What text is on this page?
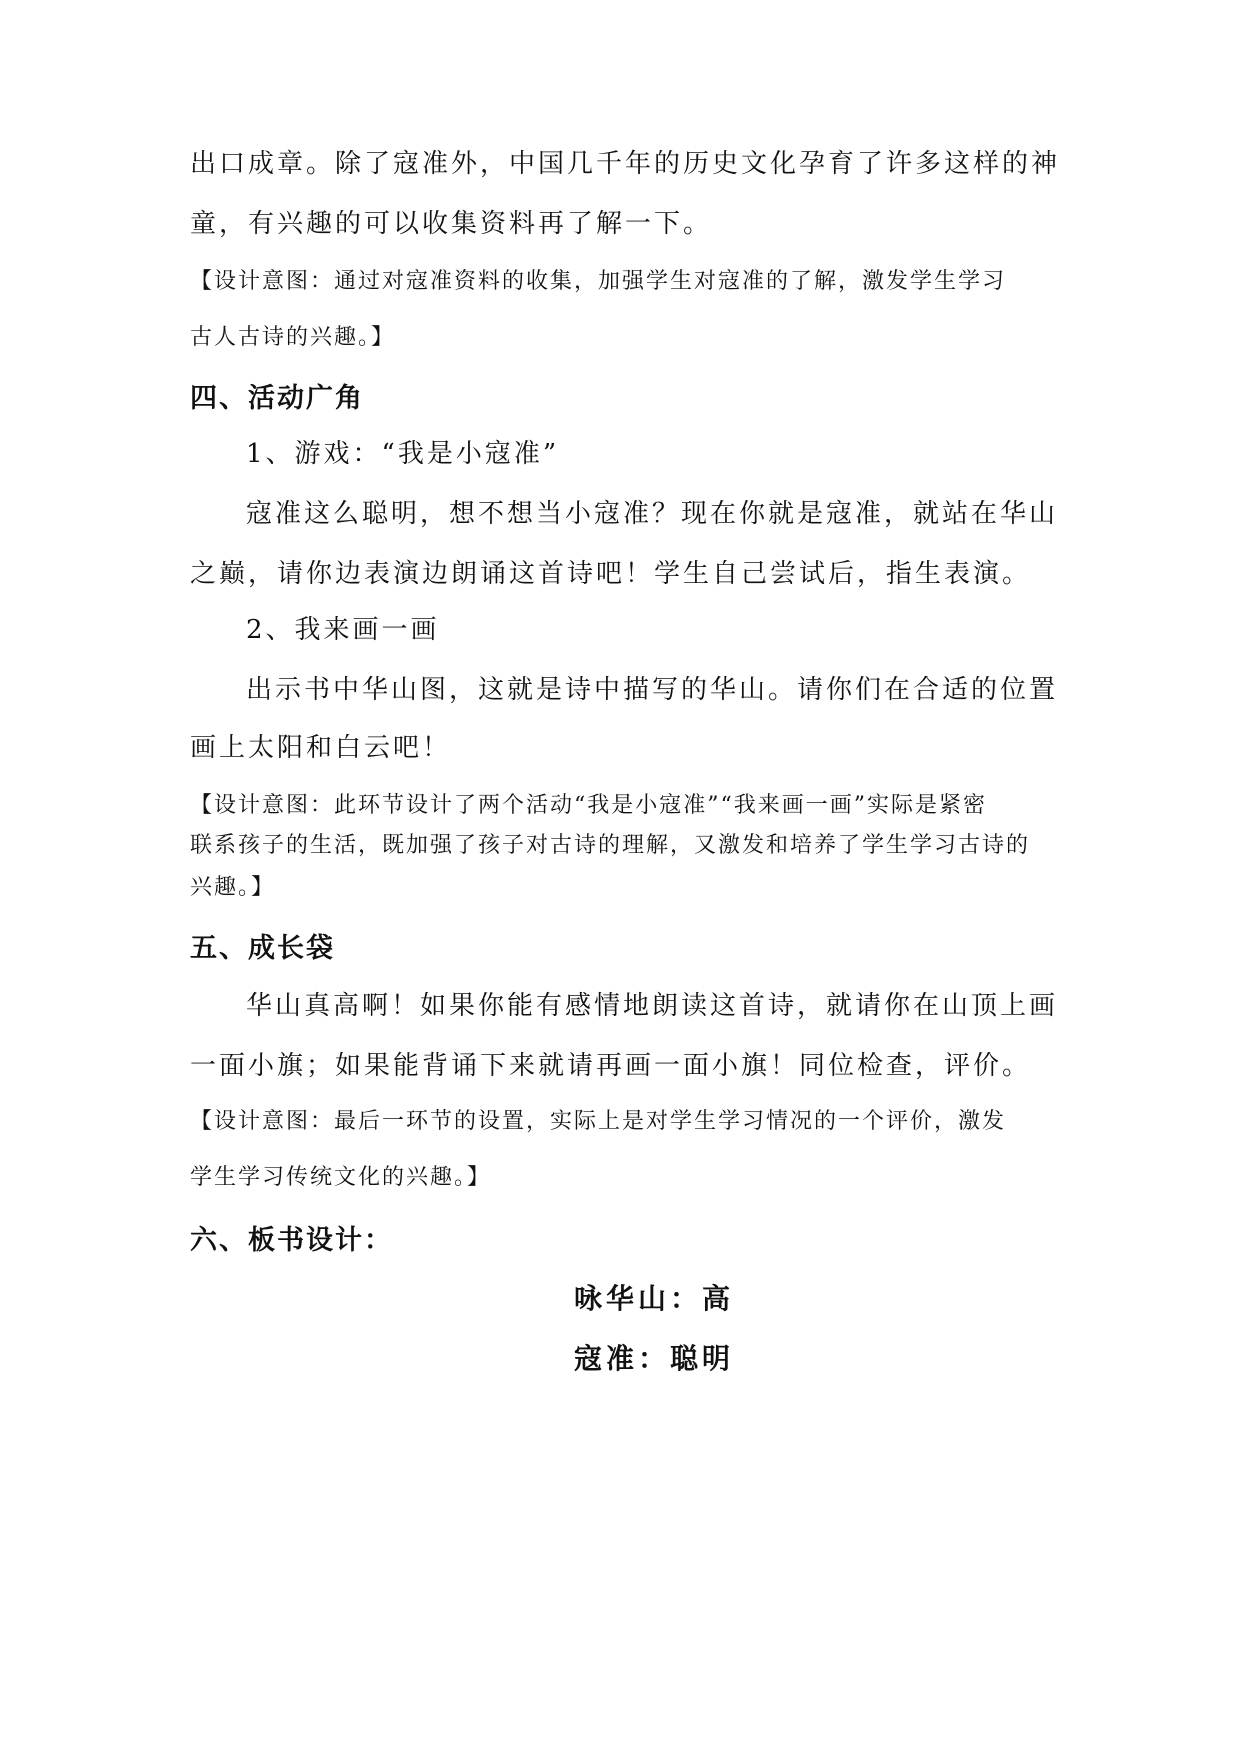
出口成章。除了寇准外，中国几千年的历史文化孕育了许多这样的神

童，有兴趣的可以收集资料再了解一下。

【设计意图：通过对寇准资料的收集，加强学生对寇准的了解，激发学生学习

古人古诗的兴趣。】

四、活动广角

1、游戏：“我是小寇准”

寇准这么聪明，想不想当小寇准？现在你就是寇准，就站在华山

之巅，请你边表演边朗诵这首诗吧！学生自己尝试后，指生表演。

2、我来画一画

出示书中华山图，这就是诗中描写的华山。请你们在合适的位置

画上太阳和白云吧！

【设计意图：此环节设计了两个活动“我是小寇准”“我来画一画”实际是紧密

联系孩子的生活，既加强了孩子对古诗的理解，又激发和培养了学生学习古诗的

兴趣。】

五、成长袋

华山真高啊！如果你能有感情地朗读这首诗，就请你在山顶上画

一面小旗；如果能背诵下来就请再画一面小旗！同位检查，评价。

【设计意图：最后一环节的设置，实际上是对学生学习情况的一个评价，激发

学生学习传统文化的兴趣。】

六、板书设计：
咏华山：高
寇准：聪明
